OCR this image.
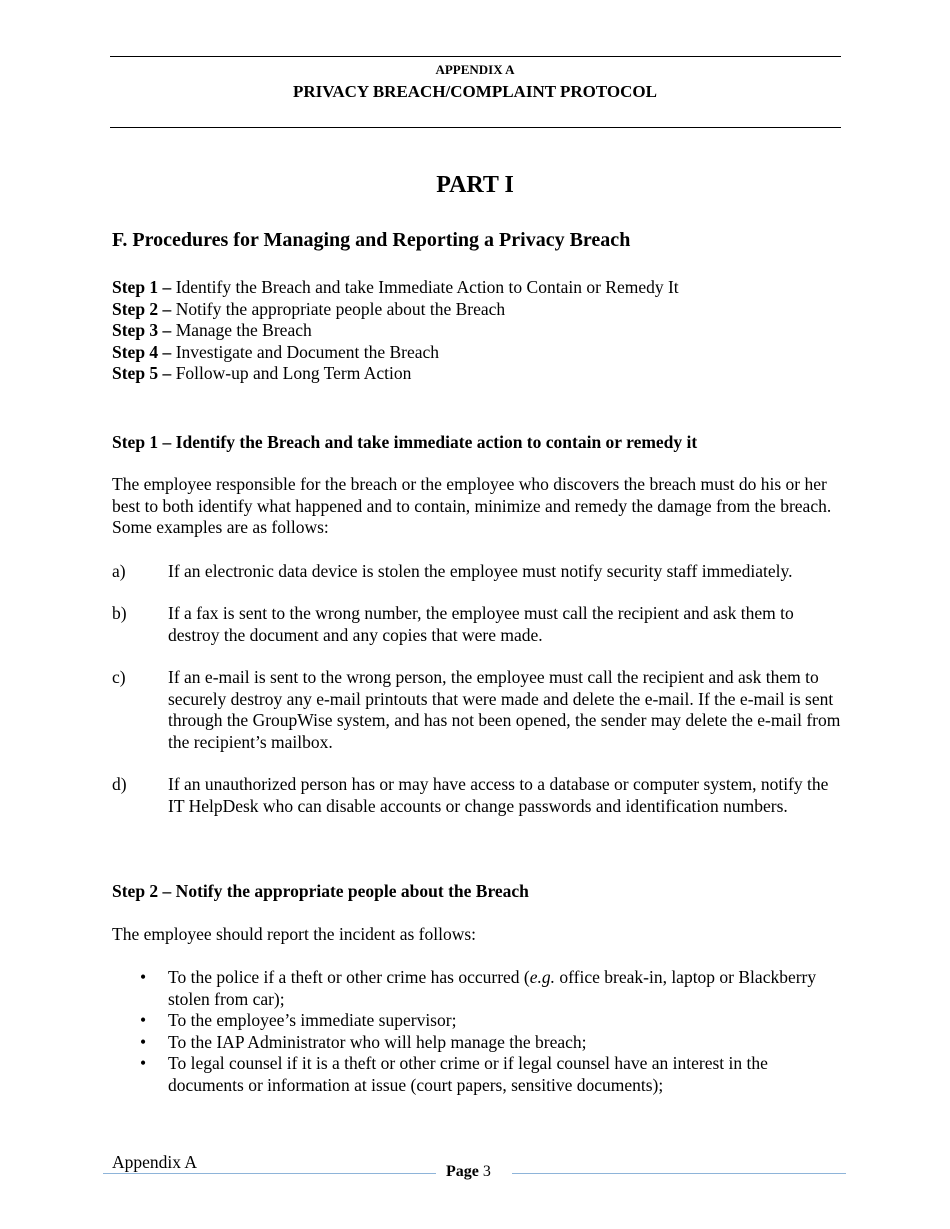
APPENDIX A
PRIVACY BREACH/COMPLAINT PROTOCOL
PART I
F. Procedures for Managing and Reporting a Privacy Breach
Step 1 – Identify the Breach and take Immediate Action to Contain or Remedy It
Step 2 – Notify the appropriate people about the Breach
Step 3 – Manage the Breach
Step 4 – Investigate and Document the Breach
Step 5 – Follow-up and Long Term Action
Step 1 – Identify the Breach and take immediate action to contain or remedy it
The employee responsible for the breach or the employee who discovers the breach must do his or her best to both identify what happened and to contain, minimize and remedy the damage from the breach. Some examples are as follows:
a) If an electronic data device is stolen the employee must notify security staff immediately.
b) If a fax is sent to the wrong number, the employee must call the recipient and ask them to destroy the document and any copies that were made.
c) If an e-mail is sent to the wrong person, the employee must call the recipient and ask them to securely destroy any e-mail printouts that were made and delete the e-mail. If the e-mail is sent through the GroupWise system, and has not been opened, the sender may delete the e-mail from the recipient’s mailbox.
d) If an unauthorized person has or may have access to a database or computer system, notify the IT HelpDesk who can disable accounts or change passwords and identification numbers.
Step 2 – Notify the appropriate people about the Breach
The employee should report the incident as follows:
• To the police if a theft or other crime has occurred (e.g. office break-in, laptop or Blackberry stolen from car);
• To the employee’s immediate supervisor;
• To the IAP Administrator who will help manage the breach;
• To legal counsel if it is a theft or other crime or if legal counsel have an interest in the documents or information at issue (court papers, sensitive documents);
Appendix A	Page 3
